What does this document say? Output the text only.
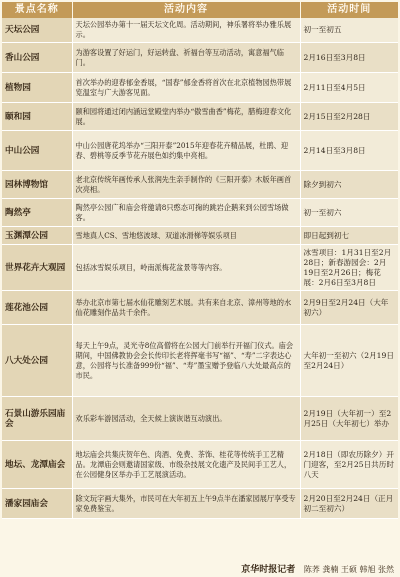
景点名称	活动内容	活动时间
天坛公园	天坛公园举办第十一届天坛文化周。活动期间，神乐署将举办雅乐展示。	初一至初五
香山公园	为游客设置了好运门，好运转盘、祈福台等互动活动，寓意福气临门。	2月16日至3月8日
植物园	首次举办的迎春郁金香展，“国春”郁金香将首次在北京植物园热带展览温室与广大游客见面。	2月11日至4月5日
颐和园	颐和园将通过闭内涵远堂殿堂内举办“傲雪曲香”梅花，腊梅迎春文化展。	2月15日至2月28日
中山公园	中山公园唐花坞举办“三阳开泰”2015年迎春花卉精品展，杜鹃、迎春、碧桃等反季节花卉展色如约集中亮相。	2月14日至3月8日
园林博物馆	老北京传统年画传承人张润先生亲手制作的《三阳开泰》木版年画首次亮相。	除夕到初六
陶然亭	陶然亭公园广和庙会将邀请8只憨态可掬的跳岩企鹅来到公园雪场做客。	初一至初六
玉渊潭公园	雪地真人CS、雪地悠波球、双道冰滑梯等娱乐项目	即日起到初七
世界花卉大观园	包括冰雪娱乐项目，岭南派梅花盆景等等内容。	冰雪项目：1月31日至2月28日；新春游园会：2月19日至2月26日；梅花展：2月6日至3月8日
莲花池公园	举办北京市第七届水仙花雕刻艺术展。共有来自北京、漳州等地的水仙花雕刻作品共千余件。	2月9日至2月24日（大年初六）
八大处公园	每天上午9点，灵光寺8位高僧将在公园大门前举行开福门仪式。庙会期间，中国佛教协会会长传印长老将挥毫书写“福”、“寿”二字表达心意，公园将与长准备999份“福”、“寿”墨宝赠予登临八大处最高点的市民。	大年初一至初六（2月19日至2月24日）
石景山游乐园庙会	欢乐彩车游园活动，全天候上演诙谐互动演出。	2月19日（大年初一）至2月25日（大年初七）举办
地坛、龙潭庙会	地坛庙会共集庆贺年色、肉酒、免费、茶饰、桂花等传统手工艺精品。龙潭庙会则邀请国家级、市级杂技展文化遗产及民间手工艺人，在公园健身区举办手工艺展演活动。	2月18日（即农历除夕）开门迎客，至2月25日共历时八天
潘家园庙会	除文玩字画大集外，市民可在大年初五上午9点半在潘家园展厅享受专家免费鉴宝。	2月20日至2月24日（正月初二至初六）
京华时报记者 陈荞 龚楠 王硕 韩旭 张然
